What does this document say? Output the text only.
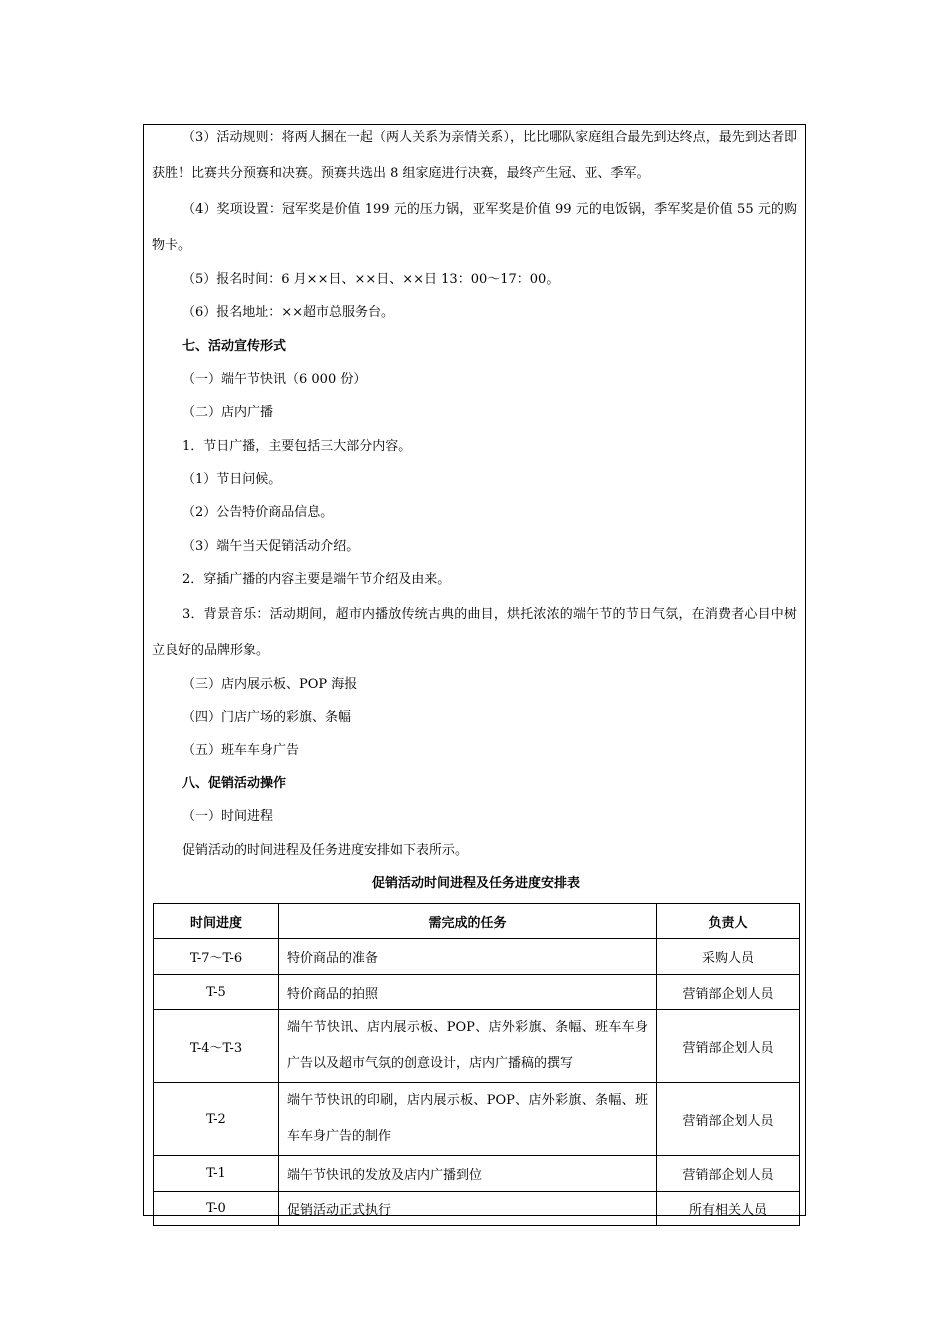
（3）活动规则：将两人捆在一起（两人关系为亲情关系），比比哪队家庭组合最先到达终点，最先到达者即获胜！比赛共分预赛和决赛。预赛共选出 8 组家庭进行决赛，最终产生冠、亚、季军。
（4）奖项设置：冠军奖是价值 199 元的压力锅，亚军奖是价值 99 元的电饭锅，季军奖是价值 55 元的购物卡。
（5）报名时间：6 月××日、××日、××日 13：00～17：00。
（6）报名地址：××超市总服务台。
七、活动宣传形式
（一）端午节快讯（6 000 份）
（二）店内广播
1．节日广播，主要包括三大部分内容。
（1）节日问候。
（2）公告特价商品信息。
（3）端午当天促销活动介绍。
2．穿插广播的内容主要是端午节介绍及由来。
3．背景音乐：活动期间，超市内播放传统古典的曲目，烘托浓浓的端午节的节日气氛，在消费者心目中树立良好的品牌形象。
（三）店内展示板、POP 海报
（四）门店广场的彩旗、条幅
（五）班车车身广告
八、促销活动操作
（一）时间进程
促销活动的时间进程及任务进度安排如下表所示。
促销活动时间进程及任务进度安排表
时间进度	需完成的任务	负责人
T-7～T-6	特价商品的准备	采购人员
T-5	特价商品的拍照	营销部企划人员
T-4～T-3	端午节快讯、店内展示板、POP、店外彩旗、条幅、班车车身广告以及超市气氛的创意设计，店内广播稿的撰写	营销部企划人员
T-2	端午节快讯的印刷，店内展示板、POP、店外彩旗、条幅、班车车身广告的制作	营销部企划人员
T-1	端午节快讯的发放及店内广播到位	营销部企划人员
T-0	促销活动正式执行	所有相关人员
